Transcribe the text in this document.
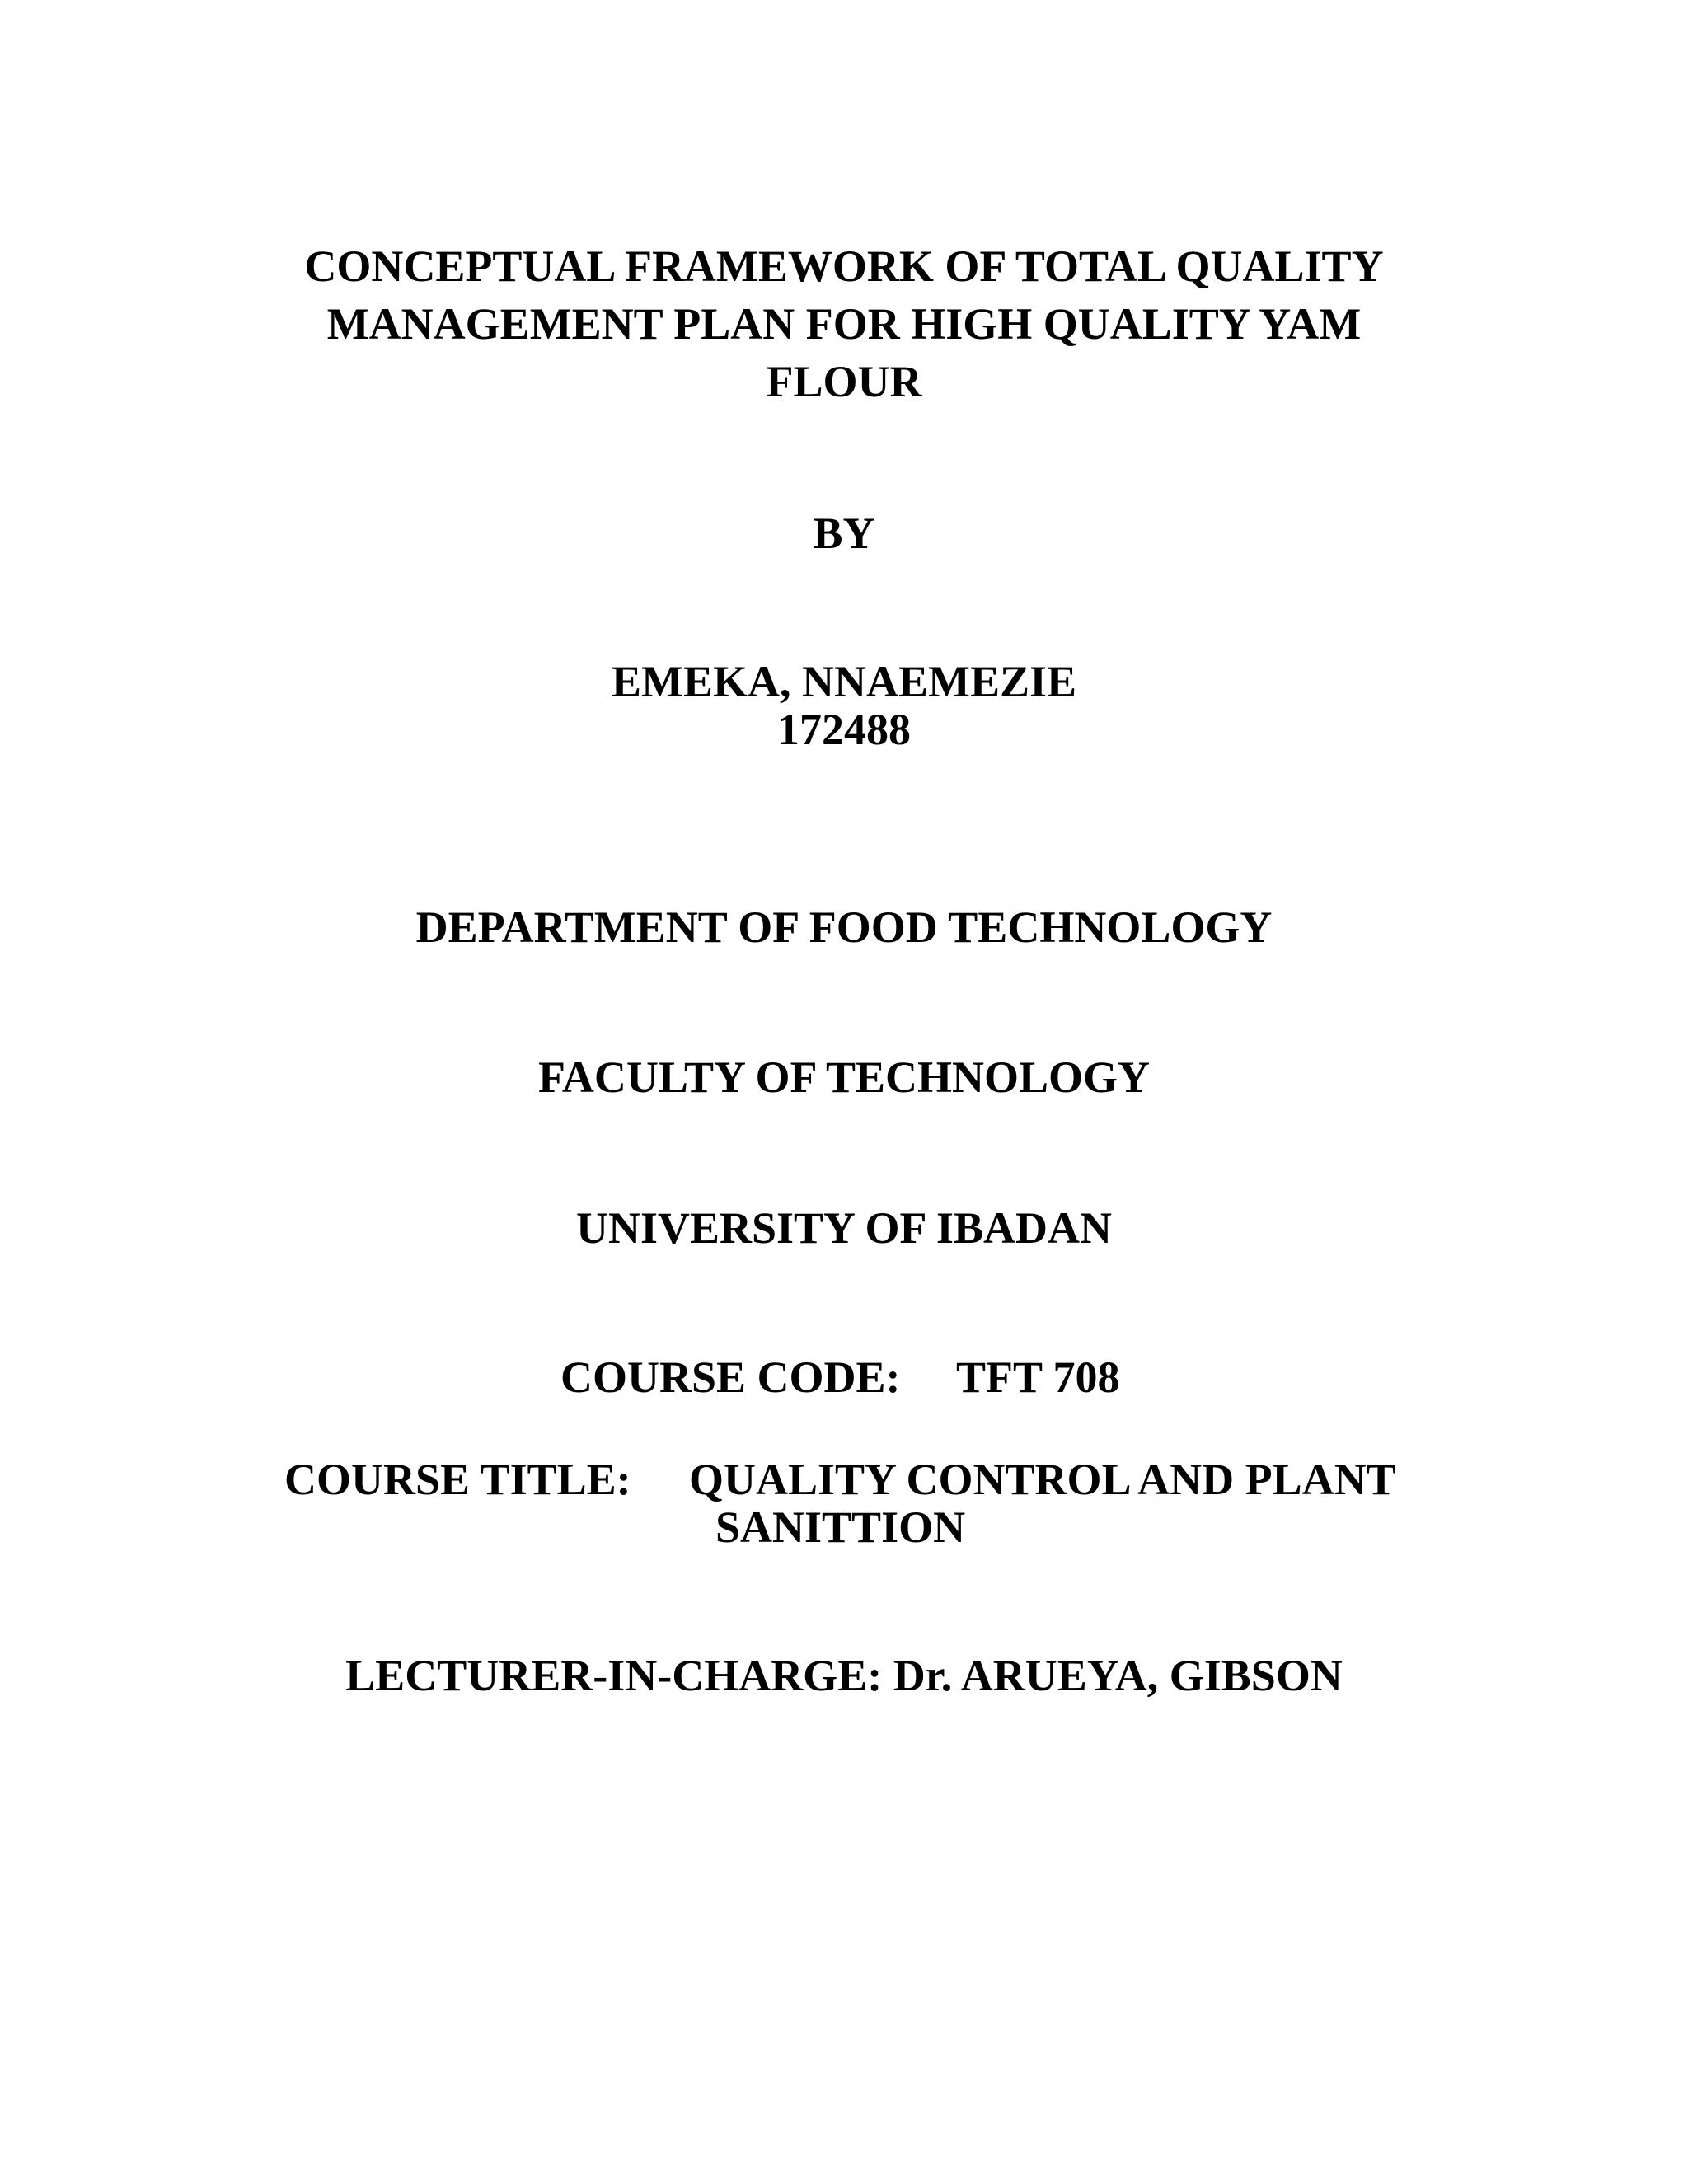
CONCEPTUAL FRAMEWORK OF TOTAL QUALITY
MANAGEMENT PLAN FOR HIGH QUALITY YAM
FLOUR
BY
EMEKA, NNAEMEZIE
172488
DEPARTMENT OF FOOD TECHNOLOGY
FACULTY OF TECHNOLOGY
UNIVERSITY OF IBADAN
COURSE CODE: TFT 708
COURSE TITLE: QUALITY CONTROL AND PLANT
SANITTION
LECTURER-IN-CHARGE: Dr. ARUEYA, GIBSON
